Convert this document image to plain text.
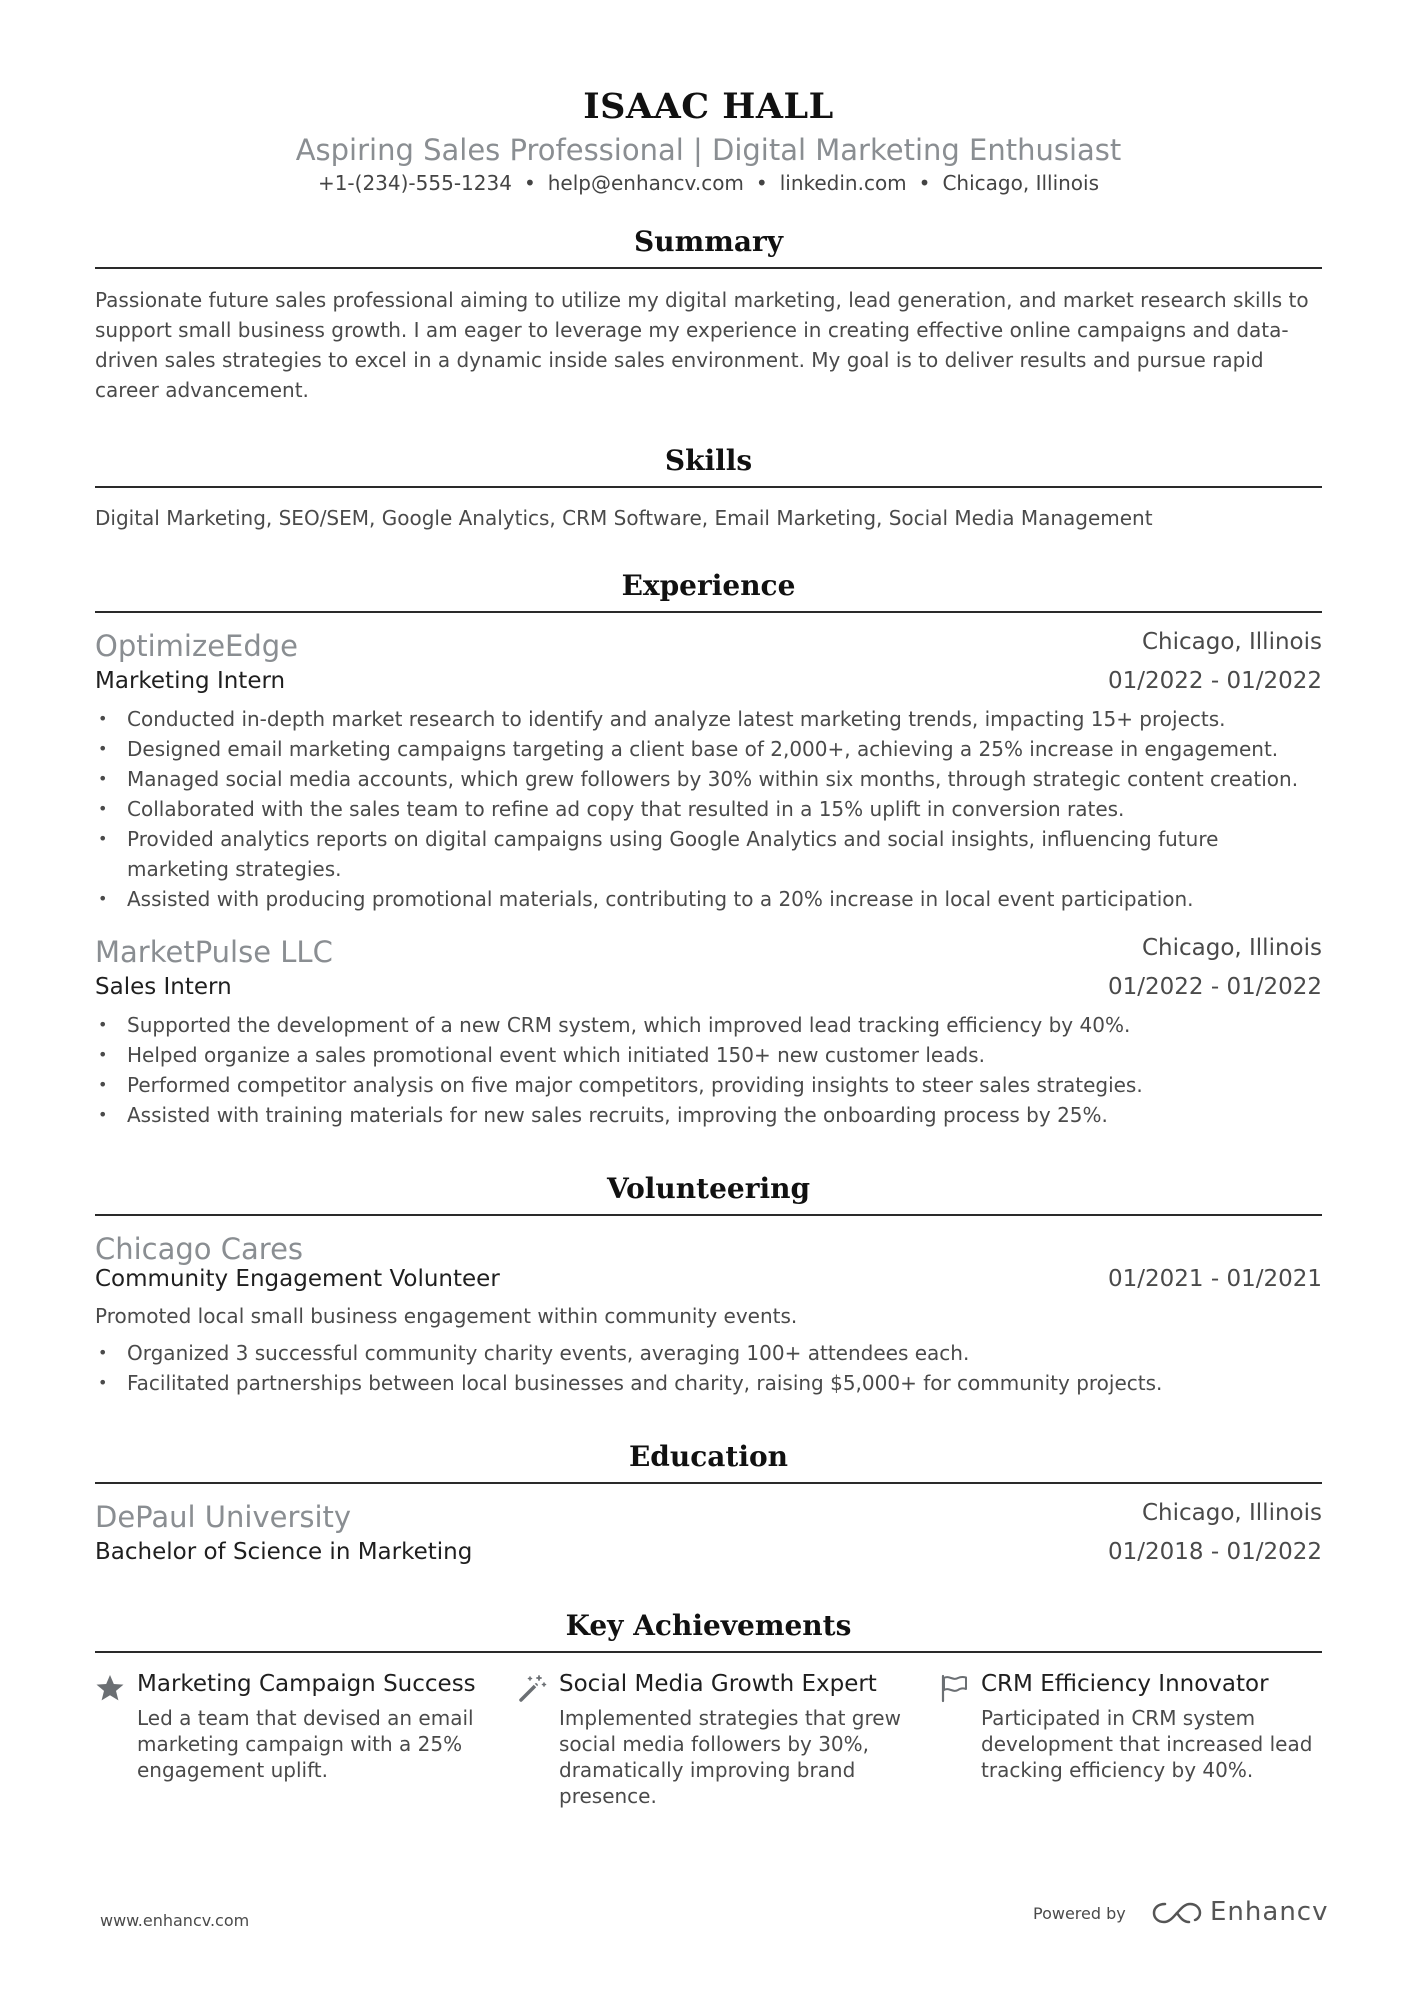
ISAAC HALL
Aspiring Sales Professional | Digital Marketing Enthusiast
+1-(234)-555-1234 • help@enhancv.com • linkedin.com • Chicago, Illinois
Summary
Passionate future sales professional aiming to utilize my digital marketing, lead generation, and market research skills to support small business growth. I am eager to leverage my experience in creating effective online campaigns and data-driven sales strategies to excel in a dynamic inside sales environment. My goal is to deliver results and pursue rapid career advancement.
Skills
Digital Marketing, SEO/SEM, Google Analytics, CRM Software, Email Marketing, Social Media Management
Experience
OptimizeEdge	Chicago, Illinois
Marketing Intern	01/2022 - 01/2022
• Conducted in-depth market research to identify and analyze latest marketing trends, impacting 15+ projects.
• Designed email marketing campaigns targeting a client base of 2,000+, achieving a 25% increase in engagement.
• Managed social media accounts, which grew followers by 30% within six months, through strategic content creation.
• Collaborated with the sales team to refine ad copy that resulted in a 15% uplift in conversion rates.
• Provided analytics reports on digital campaigns using Google Analytics and social insights, influencing future marketing strategies.
• Assisted with producing promotional materials, contributing to a 20% increase in local event participation.
MarketPulse LLC	Chicago, Illinois
Sales Intern	01/2022 - 01/2022
• Supported the development of a new CRM system, which improved lead tracking efficiency by 40%.
• Helped organize a sales promotional event which initiated 150+ new customer leads.
• Performed competitor analysis on five major competitors, providing insights to steer sales strategies.
• Assisted with training materials for new sales recruits, improving the onboarding process by 25%.
Volunteering
Chicago Cares
Community Engagement Volunteer	01/2021 - 01/2021
Promoted local small business engagement within community events.
• Organized 3 successful community charity events, averaging 100+ attendees each.
• Facilitated partnerships between local businesses and charity, raising $5,000+ for community projects.
Education
DePaul University	Chicago, Illinois
Bachelor of Science in Marketing	01/2018 - 01/2022
Key Achievements
Marketing Campaign Success
Led a team that devised an email marketing campaign with a 25% engagement uplift.
Social Media Growth Expert
Implemented strategies that grew social media followers by 30%, dramatically improving brand presence.
CRM Efficiency Innovator
Participated in CRM system development that increased lead tracking efficiency by 40%.
www.enhancv.com	Powered by	Enhancv
